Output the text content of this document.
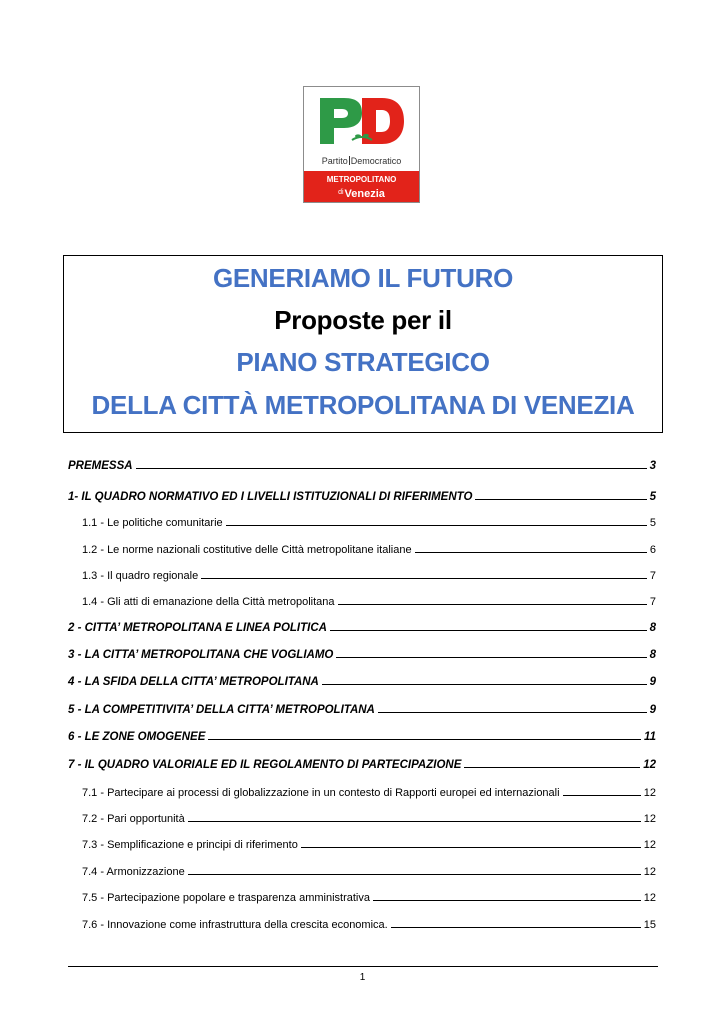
Partito Democratico
METROPOLITANO
$^{di}$Venezia
GENERIAMO IL FUTURO
Proposte per il
PIANO STRATEGICO
DELLA CITTÀ METROPOLITANA DI VENEZIA
PREMESSA	3
1- IL QUADRO NORMATIVO ED I LIVELLI ISTITUZIONALI DI RIFERIMENTO	5
1.1 - Le politiche comunitarie	5
1.2 - Le norme nazionali costitutive delle Città metropolitane italiane	6
1.3 - Il quadro regionale	7
1.4 - Gli atti di emanazione della Città metropolitana	7
2 - CITTA’ METROPOLITANA E LINEA POLITICA	8
3 - LA CITTA’ METROPOLITANA CHE VOGLIAMO	8
4 - LA SFIDA DELLA CITTA’ METROPOLITANA	9
5 - LA COMPETITIVITA’ DELLA CITTA’ METROPOLITANA	9
6 - LE ZONE OMOGENEE	11
7 - IL QUADRO VALORIALE ED IL REGOLAMENTO DI PARTECIPAZIONE	12
7.1 - Partecipare ai processi di globalizzazione in un contesto di Rapporti europei ed internazionali	12
7.2 - Pari opportunità	12
7.3 - Semplificazione e principi di riferimento	12
7.4 - Armonizzazione	12
7.5 - Partecipazione popolare e trasparenza amministrativa	12
7.6 - Innovazione come infrastruttura della crescita economica.	15
1
